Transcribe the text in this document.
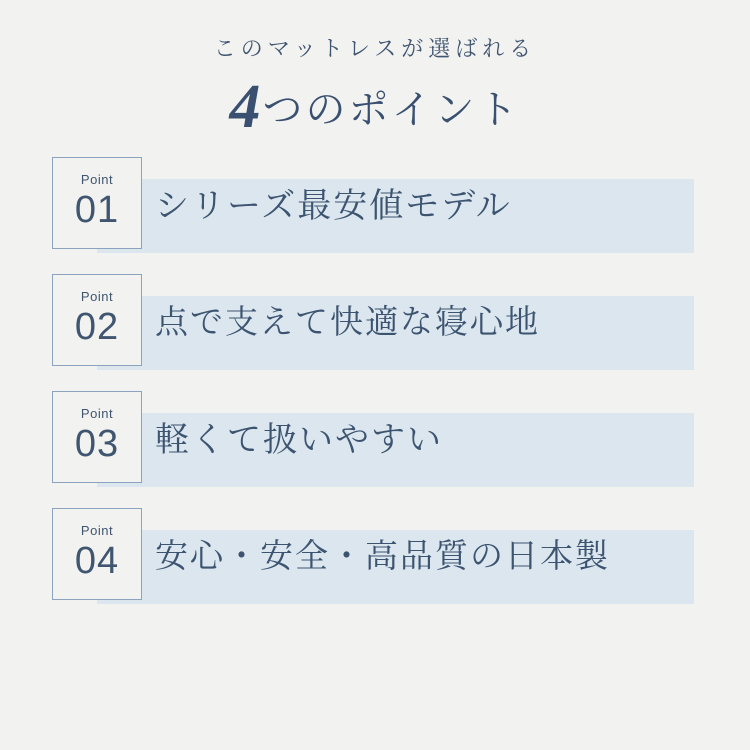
このマットレスが選ばれる

4つのポイント
Point
01	シリーズ最安値モデル
Point
02	点で支えて快適な寝心地
Point
03	軽くて扱いやすい
Point
04	安心・安全・高品質の日本製
